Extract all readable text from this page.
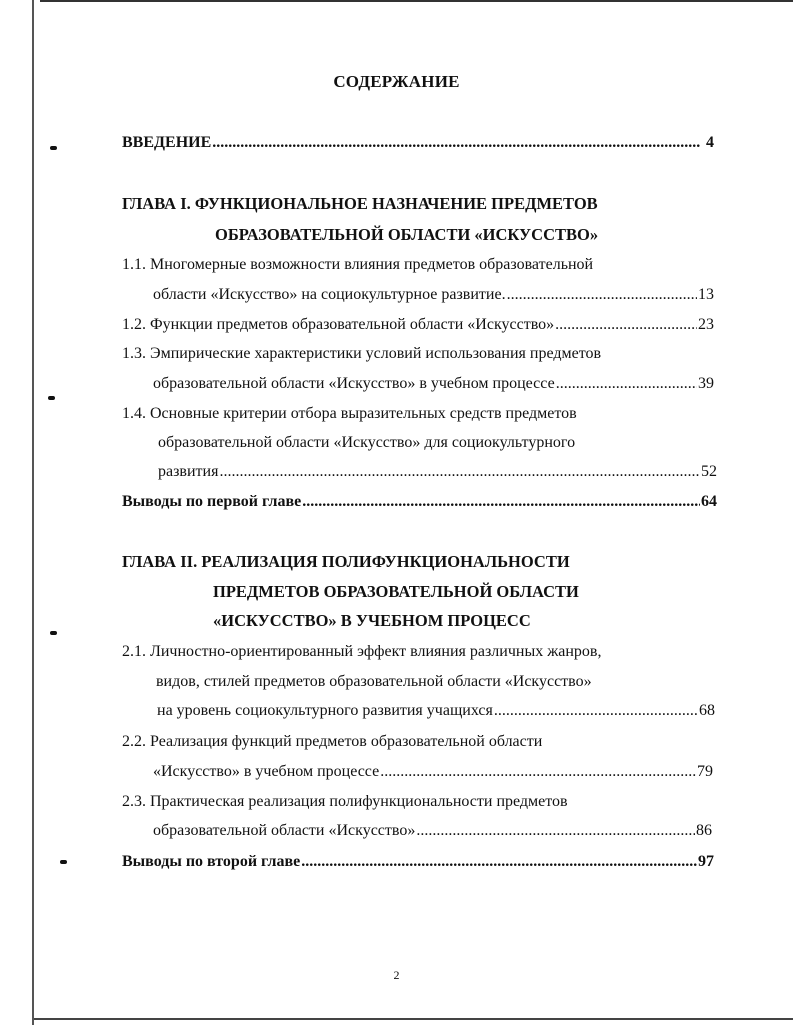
СОДЕРЖАНИЕ
ВВЕДЕНИЕ . . .	4
ГЛАВА I. ФУНКЦИОНАЛЬНОЕ НАЗНАЧЕНИЕ ПРЕДМЕТОВ
ОБРАЗОВАТЕЛЬНОЙ ОБЛАСТИ «ИСКУССТВО»
1.1. Многомерные возможности влияния предметов образовательной
области «Искусство» на социокультурное развитие. . . .	13
1.2. Функции предметов образовательной области «Искусство» . . .	23
1.3. Эмпирические характеристики условий использования предметов
образовательной области «Искусство» в учебном процессе . . .	39
1.4. Основные критерии отбора выразительных средств предметов
образовательной области «Искусство» для социокультурного
развития . . .	52
Выводы по первой главе . . .	64
ГЛАВА II. РЕАЛИЗАЦИЯ ПОЛИФУНКЦИОНАЛЬНОСТИ
ПРЕДМЕТОВ ОБРАЗОВАТЕЛЬНОЙ ОБЛАСТИ
«ИСКУССТВО» В УЧЕБНОМ ПРОЦЕСС
2.1. Личностно-ориентированный эффект влияния различных жанров,
видов, стилей предметов образовательной области «Искусство»
на уровень социокультурного развития учащихся . . .	68
2.2. Реализация функций предметов образовательной области
«Искусство» в учебном процессе . . .	79
2.3. Практическая реализация полифункциональности предметов
образовательной области «Искусство» . . .	86
Выводы по второй главе . . .	97
2
